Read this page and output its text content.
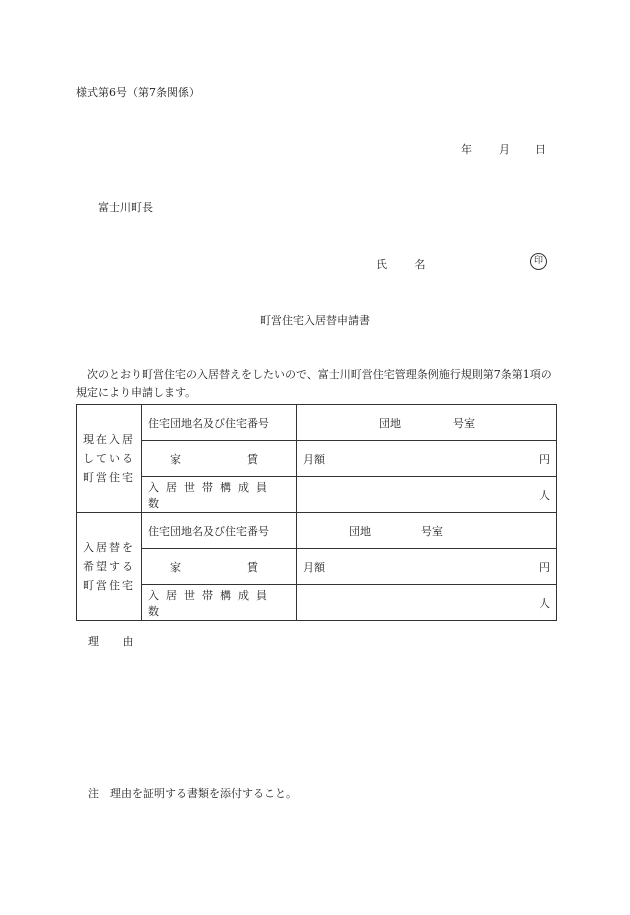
様式第6号（第7条関係）
年 月 日
富士川町長
氏 名	印
町営住宅入居替申請書
次のとおり町営住宅の入居替えをしたいので、富士川町営住宅管理条例施行規則第7条第1項の規定により申請します。
現在入居している町営住宅	住宅団地名及び住宅番号	団地 号室

	家 賃	月額 円

	入居世帯構成員数	人

入居替を希望する町営住宅	住宅団地名及び住宅番号	団地 号室

	家 賃	月額 円

	入居世帯構成員数	人
理 由
注　理由を証明する書類を添付すること。
